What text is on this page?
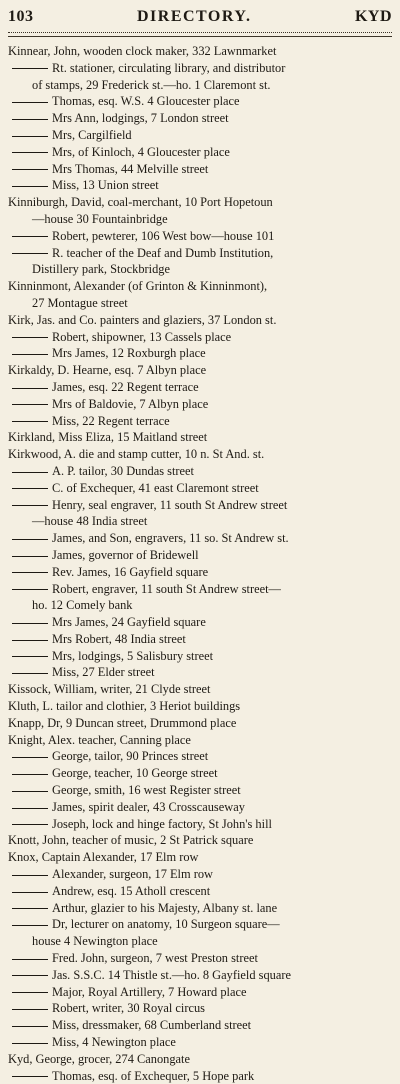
103	DIRECTORY.	KYD
Kinnear, John, wooden clock maker, 332 Lawnmarket
Rt. stationer, circulating library, and distributor
of stamps, 29 Frederick st.—ho. 1 Claremont st.
Thomas, esq. W.S. 4 Gloucester place
Mrs Ann, lodgings, 7 London street
Mrs, Cargilfield
Mrs, of Kinloch, 4 Gloucester place
Mrs Thomas, 44 Melville street
Miss, 13 Union street
Kinniburgh, David, coal-merchant, 10 Port Hopetoun
—house 30 Fountainbridge
Robert, pewterer, 106 West bow—house 101
R. teacher of the Deaf and Dumb Institution,
Distillery park, Stockbridge
Kinninmont, Alexander (of Grinton & Kinninmont),
27 Montague street
Kirk, Jas. and Co. painters and glaziers, 37 London st.
Robert, shipowner, 13 Cassels place
Mrs James, 12 Roxburgh place
Kirkaldy, D. Hearne, esq. 7 Albyn place
James, esq. 22 Regent terrace
Mrs of Baldovie, 7 Albyn place
Miss, 22 Regent terrace
Kirkland, Miss Eliza, 15 Maitland street
Kirkwood, A. die and stamp cutter, 10 n. St And. st.
A. P. tailor, 30 Dundas street
C. of Exchequer, 41 east Claremont street
Henry, seal engraver, 11 south St Andrew street
—house 48 India street
James, and Son, engravers, 11 so. St Andrew st.
James, governor of Bridewell
Rev. James, 16 Gayfield square
Robert, engraver, 11 south St Andrew street—
ho. 12 Comely bank
Mrs James, 24 Gayfield square
Mrs Robert, 48 India street
Mrs, lodgings, 5 Salisbury street
Miss, 27 Elder street
Kissock, William, writer, 21 Clyde street
Kluth, L. tailor and clothier, 3 Heriot buildings
Knapp, Dr, 9 Duncan street, Drummond place
Knight, Alex. teacher, Canning place
George, tailor, 90 Princes street
George, teacher, 10 George street
George, smith, 16 west Register street
James, spirit dealer, 43 Crosscauseway
Joseph, lock and hinge factory, St John's hill
Knott, John, teacher of music, 2 St Patrick square
Knox, Captain Alexander, 17 Elm row
Alexander, surgeon, 17 Elm row
Andrew, esq. 15 Atholl crescent
Arthur, glazier to his Majesty, Albany st. lane
Dr, lecturer on anatomy, 10 Surgeon square—
house 4 Newington place
Fred. John, surgeon, 7 west Preston street
Jas. S.S.C. 14 Thistle st.—ho. 8 Gayfield square
Major, Royal Artillery, 7 Howard place
Robert, writer, 30 Royal circus
Miss, dressmaker, 68 Cumberland street
Miss, 4 Newington place
Kyd, George, grocer, 274 Canongate
Thomas, esq. of Exchequer, 5 Hope park
